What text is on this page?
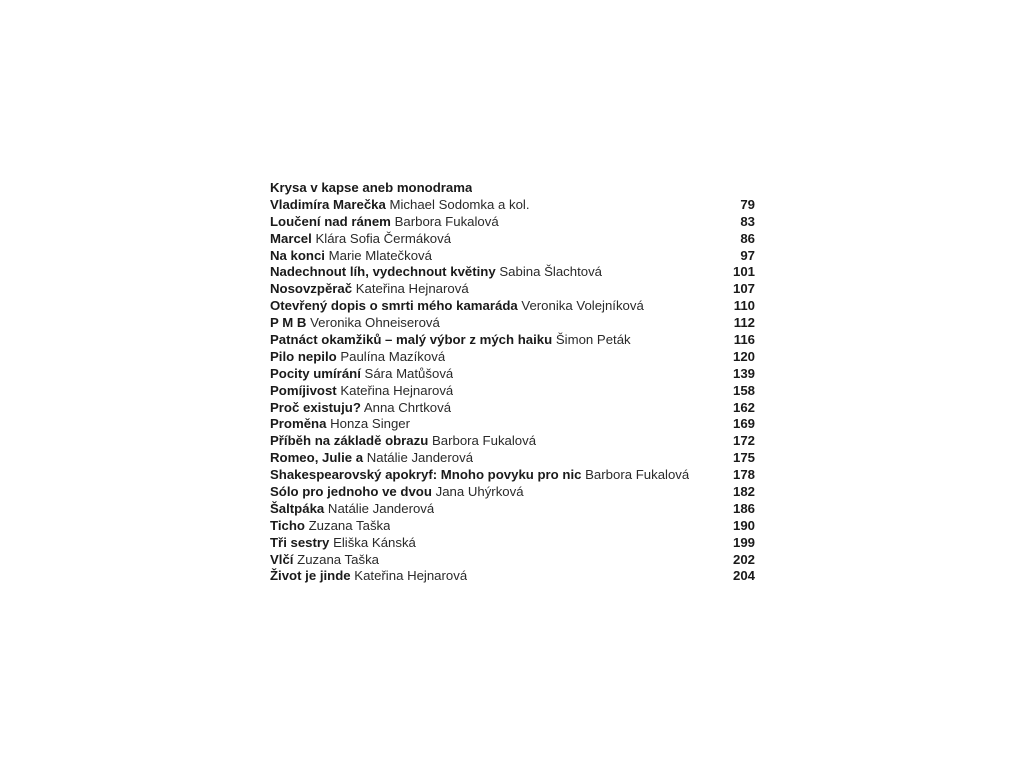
Krysa v kapse aneb monodrama
Vladimíra Marečka Michael Sodomka a kol.	79
Loučení nad ránem Barbora Fukalová	83
Marcel Klára Sofia Čermáková	86
Na konci Marie Mlatečková	97
Nadechnout líh, vydechnout květiny Sabina Šlachtová	101
Nosovzpěrač Kateřina Hejnarová	107
Otevřený dopis o smrti mého kamaráda Veronika Volejníková	110
P M B Veronika Ohneiserová	112
Patnáct okamžiků – malý výbor z mých haiku Šimon Peták	116
Pilo nepilo Paulína Mazíková	120
Pocity umírání Sára Matůšová	139
Pomíjivost Kateřina Hejnarová	158
Proč existuju? Anna Chrtková	162
Proměna Honza Singer	169
Příběh na základě obrazu Barbora Fukalová	172
Romeo, Julie a Natálie Janderová	175
Shakespearovský apokryf: Mnoho povyku pro nic Barbora Fukalová	178
Sólo pro jednoho ve dvou Jana Uhýrková	182
Šaltpáka Natálie Janderová	186
Ticho Zuzana Taška	190
Tři sestry Eliška Kánská	199
Vlčí Zuzana Taška	202
Život je jinde Kateřina Hejnarová	204
